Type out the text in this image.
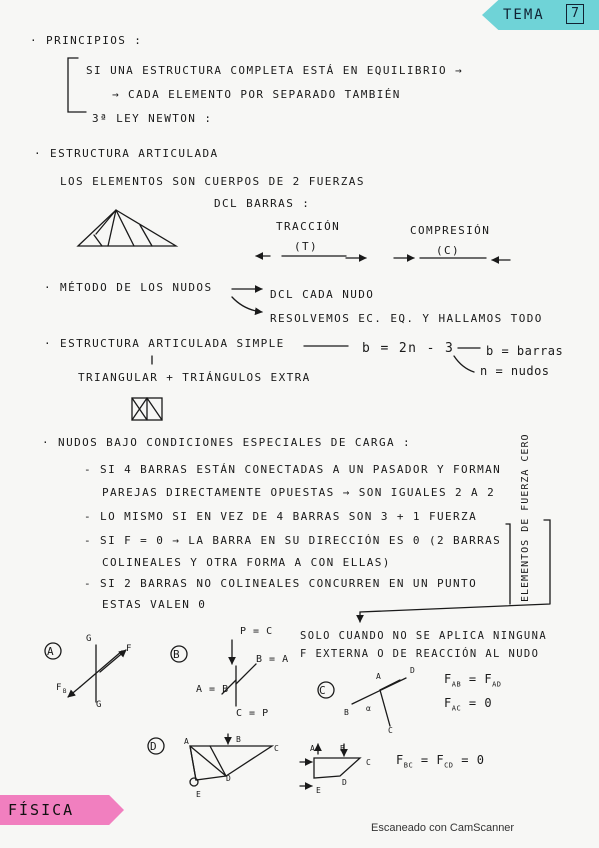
TEMA	7
· PRINCIPIOS :
SI UNA ESTRUCTURA COMPLETA ESTÁ EN EQUILIBRIO →
→ CADA ELEMENTO POR SEPARADO TAMBIÉN
3ª LEY NEWTON :
· ESTRUCTURA ARTICULADA
LOS ELEMENTOS SON CUERPOS DE 2 FUERZAS
DCL BARRAS :
TRACCIÓN
(T)
COMPRESIÓN
(C)
· MÉTODO DE LOS NUDOS
DCL CADA NUDO
RESOLVEMOS EC. EQ. Y HALLAMOS TODO
· ESTRUCTURA ARTICULADA SIMPLE	b = 2n - 3	b = barras
n = nudos
TRIANGULAR + TRIÁNGULOS EXTRA
· NUDOS BAJO CONDICIONES ESPECIALES DE CARGA :
- SI 4 BARRAS ESTÁN CONECTADAS A UN PASADOR Y FORMAN
PAREJAS DIRECTAMENTE OPUESTAS → SON IGUALES 2 A 2
- LO MISMO SI EN VEZ DE 4 BARRAS SON 3 + 1 FUERZA
- SI F = 0 → LA BARRA EN SU DIRECCIÓN ES 0 (2 BARRAS
COLINEALES Y OTRA FORMA Α CON ELLAS)
- SI 2 BARRAS NO COLINEALES CONCURREN EN UN PUNTO
ESTAS VALEN 0
ELEMENTOS DE FUERZA CERO
SOLO CUANDO NO SE APLICA NINGUNA
F EXTERNA O DE REACCIÓN AL NUDO
A
G
F
$F_B$
G
B
P = C
B = A
A = B
C = P
C
A
D
B
C
α
$F_{AB} = F_{AD}$
$F_{AC} = 0$
D	A	B
C
D
E
A	B
C
D
E
$F_{BC} = F_{CD} = 0$
FÍSICA
Escaneado con CamScanner
